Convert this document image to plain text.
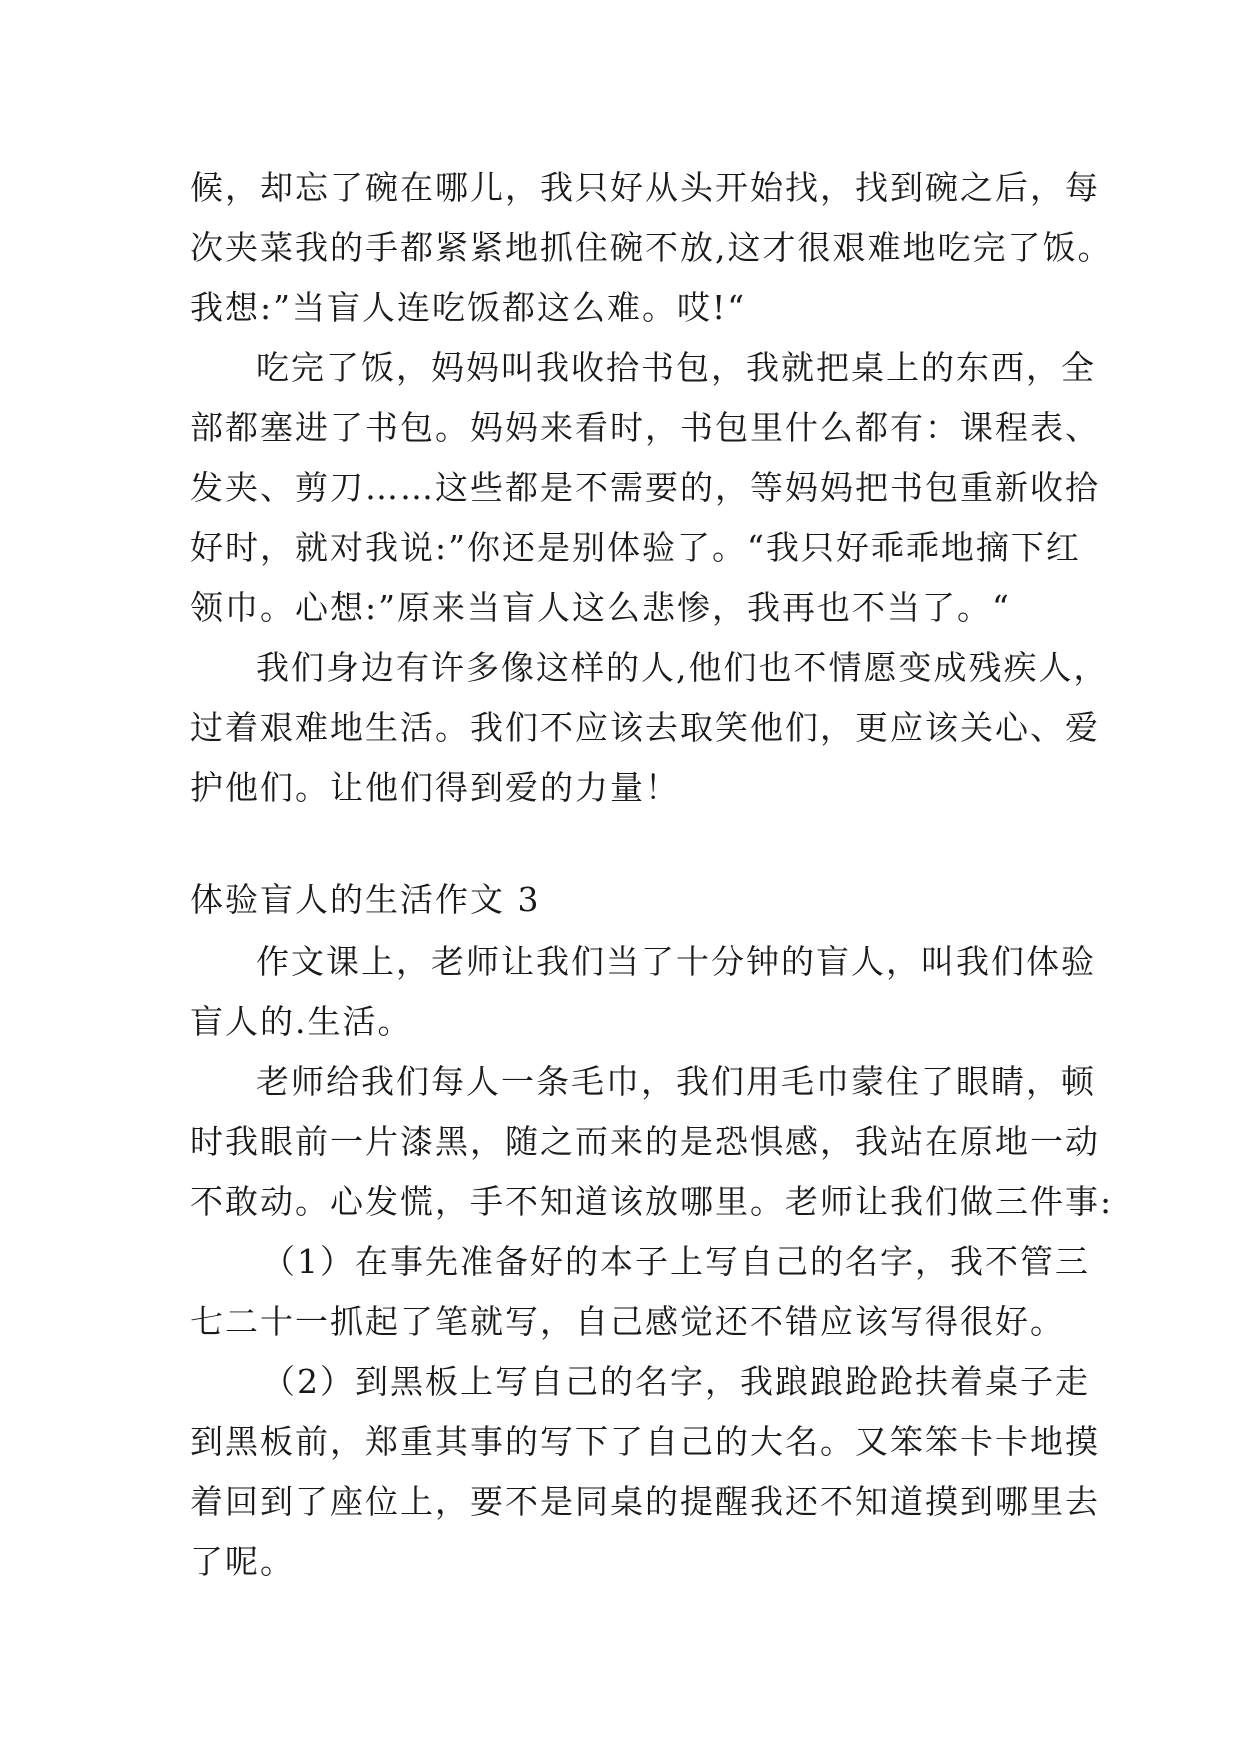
候，却忘了碗在哪儿，我只好从头开始找，找到碗之后，每
次夹菜我的手都紧紧地抓住碗不放,这才很艰难地吃完了饭。
我想:”当盲人连吃饭都这么难。哎!“
吃完了饭，妈妈叫我收拾书包，我就把桌上的东西，全
部都塞进了书包。妈妈来看时，书包里什么都有：课程表、
发夹、剪刀……这些都是不需要的，等妈妈把书包重新收拾
好时，就对我说:”你还是别体验了。“我只好乖乖地摘下红
领巾。心想:”原来当盲人这么悲惨，我再也不当了。“
我们身边有许多像这样的人,他们也不情愿变成残疾人，
过着艰难地生活。我们不应该去取笑他们，更应该关心、爱
护他们。让他们得到爱的力量！
体验盲人的生活作文 3
作文课上，老师让我们当了十分钟的盲人，叫我们体验
盲人的.生活。
老师给我们每人一条毛巾，我们用毛巾蒙住了眼睛，顿
时我眼前一片漆黑，随之而来的是恐惧感，我站在原地一动
不敢动。心发慌，手不知道该放哪里。老师让我们做三件事:
（1）在事先准备好的本子上写自己的名字，我不管三
七二十一抓起了笔就写，自己感觉还不错应该写得很好。
（2）到黑板上写自己的名字，我踉踉跄跄扶着桌子走
到黑板前，郑重其事的写下了自己的大名。又笨笨卡卡地摸
着回到了座位上，要不是同桌的提醒我还不知道摸到哪里去
了呢。
